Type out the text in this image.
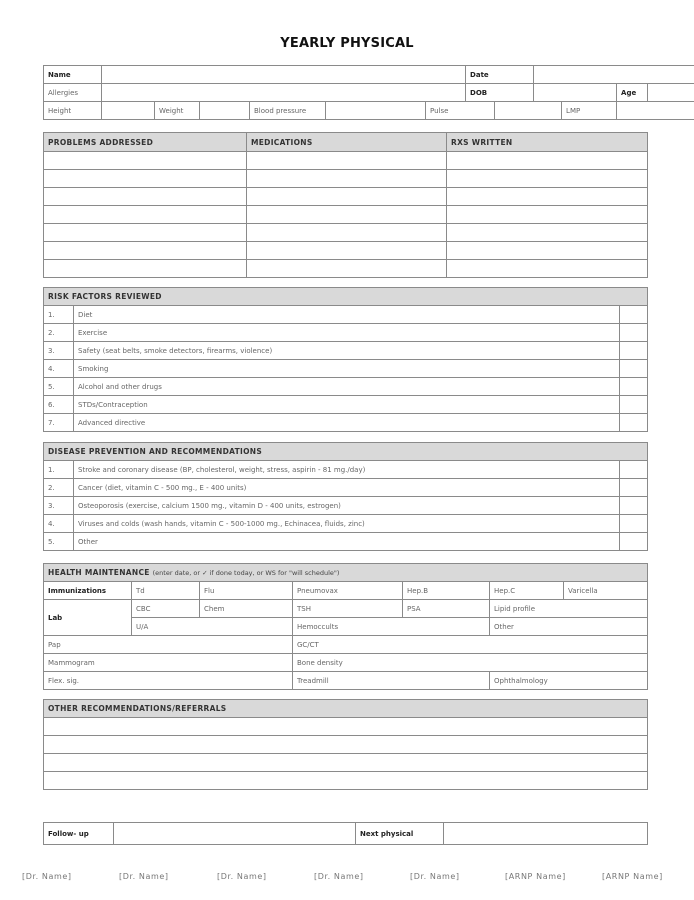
YEARLY PHYSICAL
Name							Date					
Allergies							DOB				Age	
Height		Weight		Blood pressure		Pulse				LMP		
PROBLEMS ADDRESSED	MEDICATIONS	RXS WRITTEN

RISK FACTORS REVIEWED		
1.	Diet	
2.	Exercise	
3.	Safety (seat belts, smoke detectors, firearms, violence)	
4.	Smoking	
5.	Alcohol and other drugs	
6.	STDs/Contraception	
7.	Advanced directive	
DISEASE PREVENTION AND RECOMMENDATIONS		
1.	Stroke and coronary disease (BP, cholesterol, weight, stress, aspirin - 81 mg./day)	
2.	Cancer (diet, vitamin C - 500 mg., E - 400 units)	
3.	Osteoporosis (exercise, calcium 1500 mg., vitamin D - 400 units, estrogen)	
4.	Viruses and colds (wash hands, vitamin C - 500-1000 mg., Echinacea, fluids, zinc)	
5.	Other	
HEALTH MAINTENANCE (enter date, or ✓ if done today, or WS for "will schedule")						
Immunizations	Td	Flu	Pneumovax	Hep.B	Hep.C	Varicella
Lab	CBC	Chem	TSH	PSA	Lipid profile	
	U/A		Hemoccults		Other	
Pap			GC/CT			
Mammogram			Bone density			
Flex. sig.			Treadmill		Ophthalmology	
OTHER RECOMMENDATIONS/REFERRALS

Follow- up		Next physical	
[Dr. Name]	[Dr. Name]	[Dr. Name]	[Dr. Name]	[Dr. Name]	[ARNP Name]	[ARNP Name]
